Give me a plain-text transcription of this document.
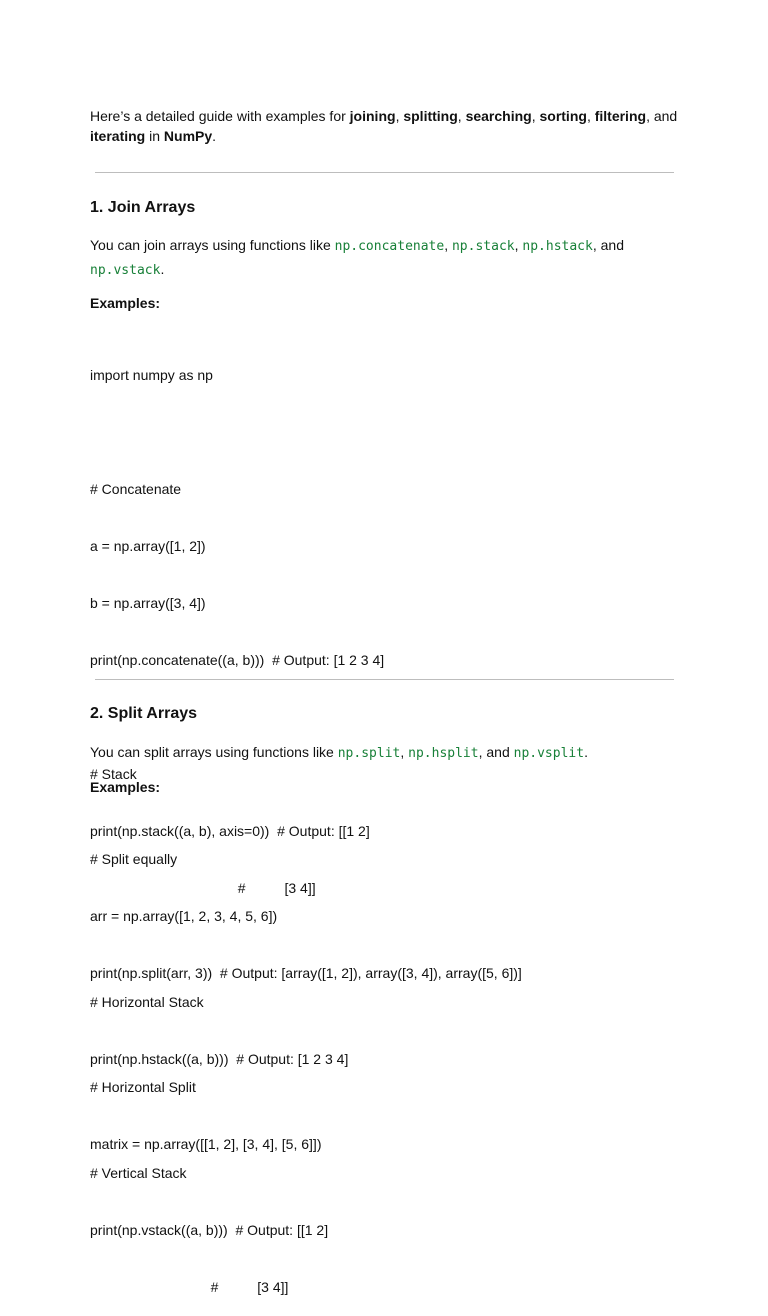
Here’s a detailed guide with examples for joining, splitting, searching, sorting, filtering, and
iterating in NumPy.

1. Join Arrays

You can join arrays using functions like np.concatenate, np.stack, np.hstack, and
np.vstack.

Examples:

import numpy as np

# Concatenate

a = np.array([1, 2])

b = np.array([3, 4])

print(np.concatenate((a, b)))  # Output: [1 2 3 4]

# Stack

print(np.stack((a, b), axis=0))  # Output: [[1 2]

#          [3 4]]

# Horizontal Stack

print(np.hstack((a, b)))  # Output: [1 2 3 4]

# Vertical Stack

print(np.vstack((a, b)))  # Output: [[1 2]

#          [3 4]]

2. Split Arrays

You can split arrays using functions like np.split, np.hsplit, and np.vsplit.

Examples:

# Split equally

arr = np.array([1, 2, 3, 4, 5, 6])

print(np.split(arr, 3))  # Output: [array([1, 2]), array([3, 4]), array([5, 6])]

# Horizontal Split

matrix = np.array([[1, 2], [3, 4], [5, 6]])
